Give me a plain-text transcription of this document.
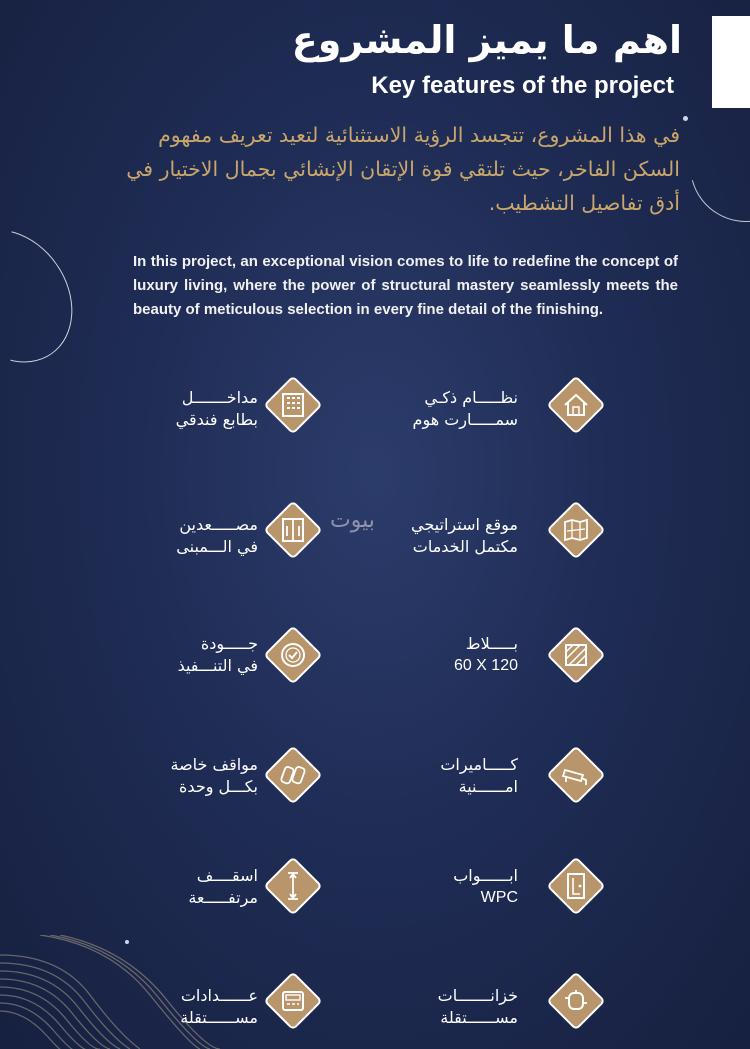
اهم ما يميز المشروع
Key features of the project
في هذا المشروع، تتجسد الرؤية الاستثنائية لتعيد تعريف مفهوم السكن الفاخر، حيث تلتقي قوة الإتقان الإنشائي بجمال الاختيار في أدق تفاصيل التشطيب.
In this project, an exceptional vision comes to life to redefine the concept of luxury living, where the power of structural mastery seamlessly meets the beauty of meticulous selection in every fine detail of the finishing.
بيوت
نظـــــام ذكـي
سمـــــارت هوم
مداخـــــــل
بطابع فندقي
موقع استراتيجي
مكتمل الخدمات
مصـــــعدين
في الـــمبنى
بـــــلاط
60 X 120
جـــــودة
في التنـــفيذ
كـــــاميرات
امــــــنية
مواقف خاصة
بكـــل وحدة
ابــــــواب
WPC
اسقــــف
مرتفـــــعة
خزانـــــــات
مســــــتقلة
عــــــدادات
مســــــتقلة
